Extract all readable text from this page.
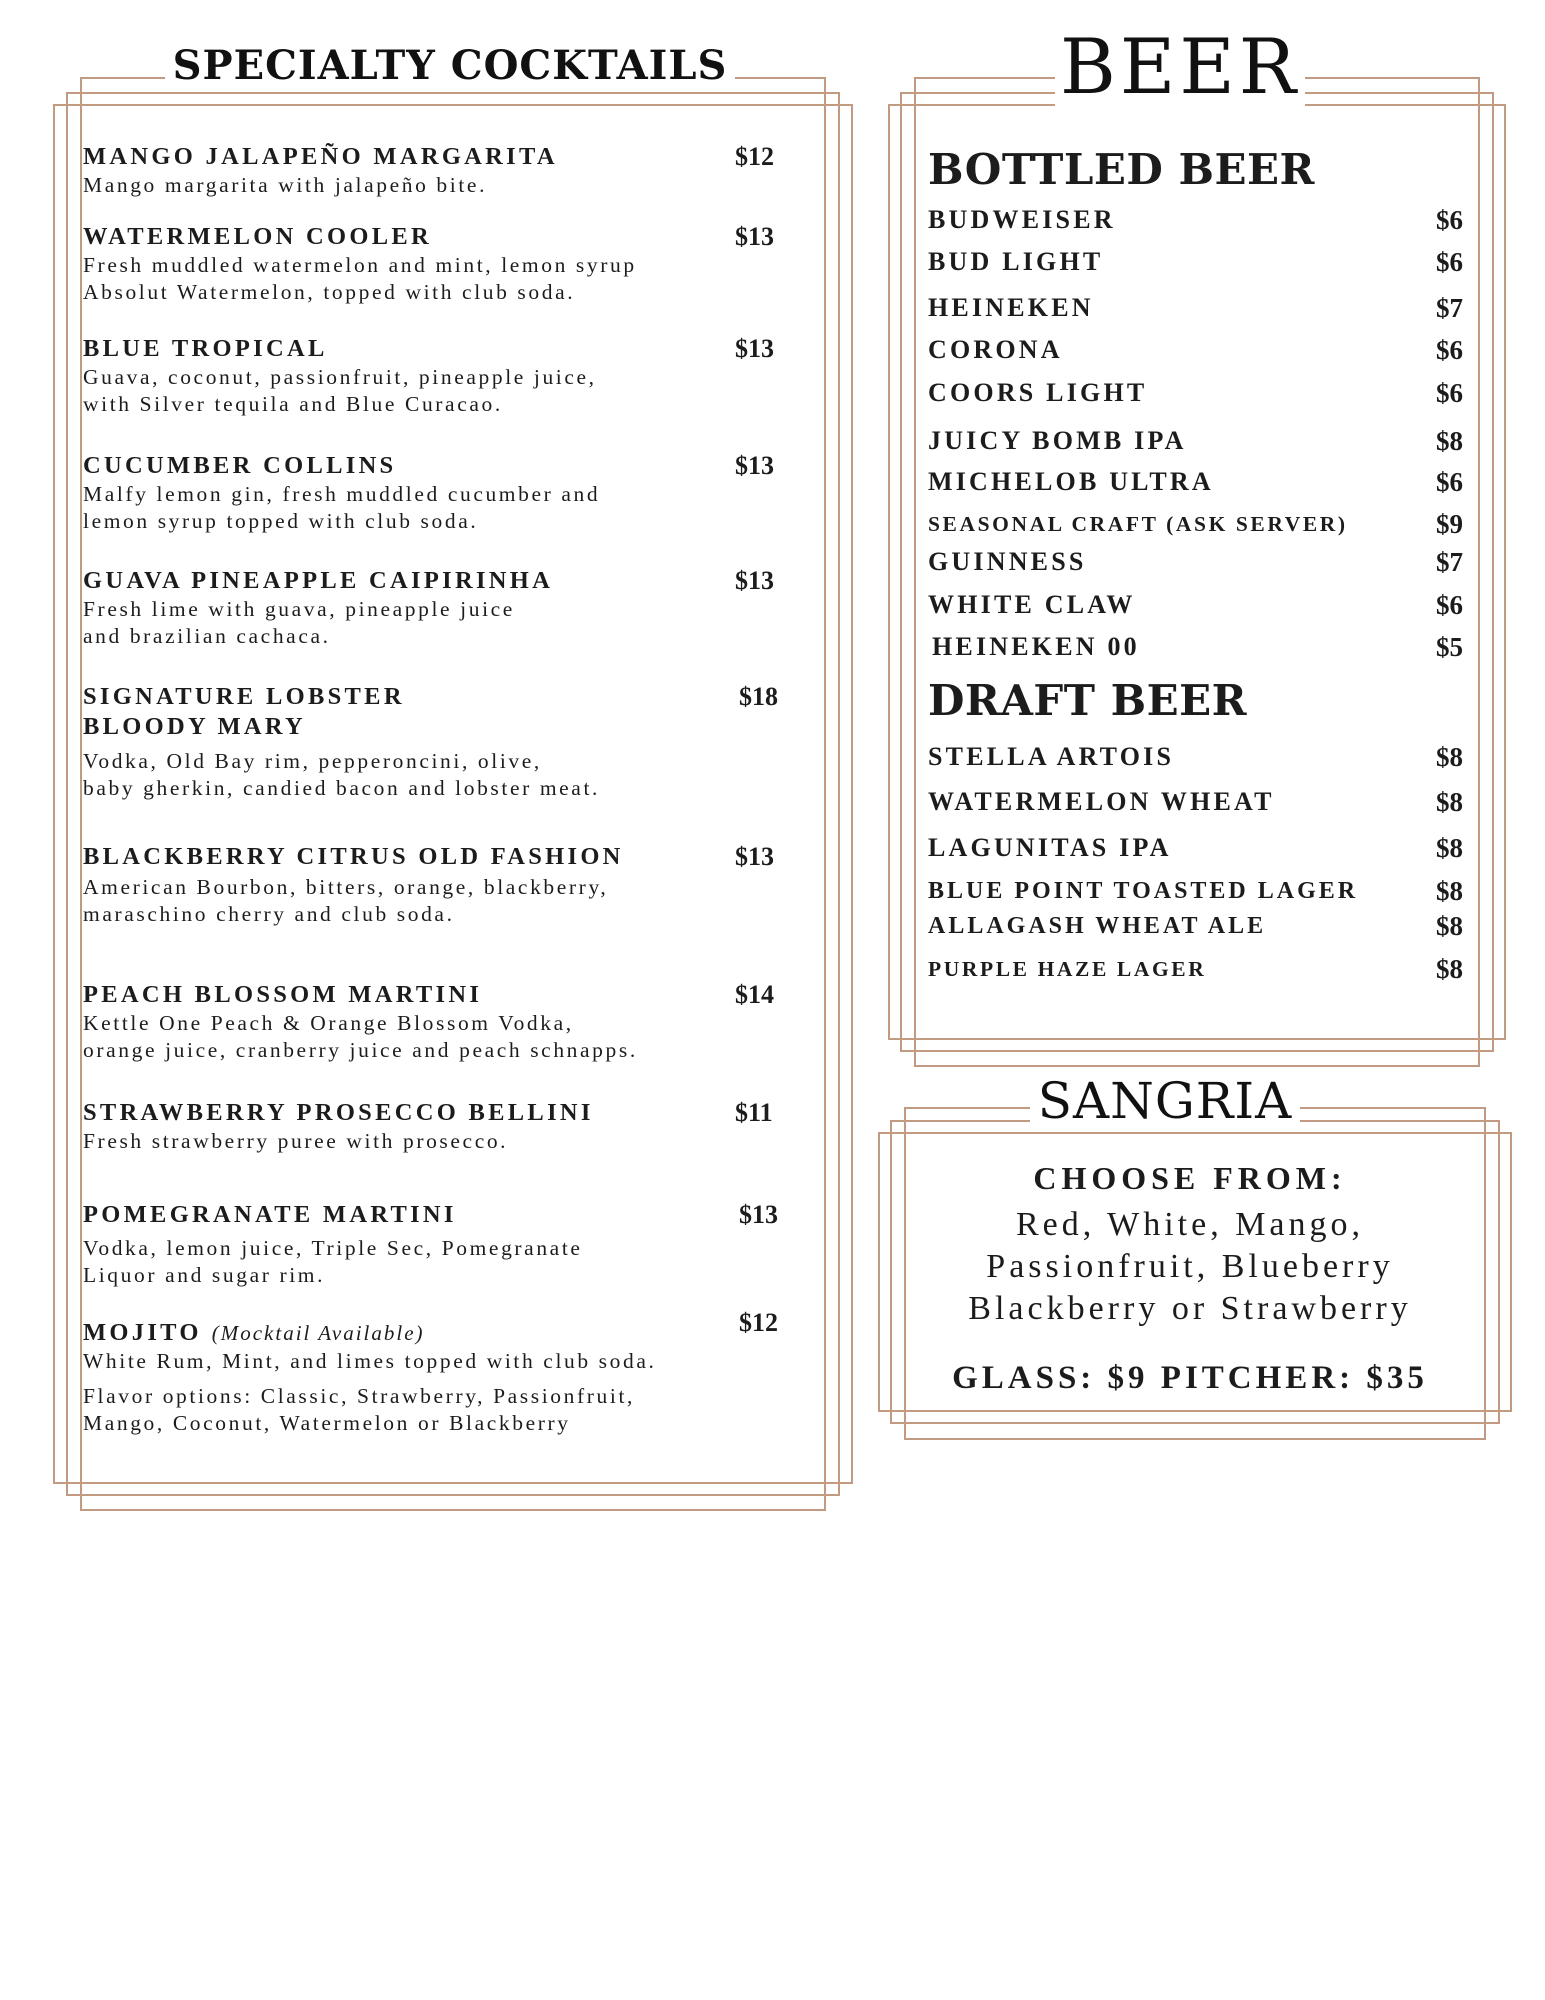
SPECIALTY COCKTAILS	BEER
SANGRIA
MANGO JALAPEÑO MARGARITA	$12
Mango margarita with jalapeño bite.
WATERMELON COOLER	$13
Fresh muddled watermelon and mint, lemon syrup
Absolut Watermelon, topped with club soda.
BLUE TROPICAL	$13
Guava, coconut, passionfruit, pineapple juice,
with Silver tequila and Blue Curacao.
CUCUMBER COLLINS	$13
Malfy lemon gin, fresh muddled cucumber and
lemon syrup topped with club soda.
GUAVA PINEAPPLE CAIPIRINHA	$13
Fresh lime with guava, pineapple juice
and brazilian cachaca.
SIGNATURE LOBSTER
BLOODY MARY
$18
Vodka, Old Bay rim, pepperoncini, olive,
baby gherkin, candied bacon and lobster meat.
BLACKBERRY CITRUS OLD FASHION	$13
American Bourbon, bitters, orange, blackberry,
maraschino cherry and club soda.
PEACH BLOSSOM MARTINI	$14
Kettle One Peach & Orange Blossom Vodka,
orange juice, cranberry juice and peach schnapps.
STRAWBERRY PROSECCO BELLINI	$11
Fresh strawberry puree with prosecco.
POMEGRANATE MARTINI	$13
Vodka, lemon juice, Triple Sec, Pomegranate
Liquor and sugar rim.
MOJITO (Mocktail Available)	$12
White Rum, Mint, and limes topped with club soda.
Flavor options: Classic, Strawberry, Passionfruit,
Mango, Coconut, Watermelon or Blackberry
BOTTLED BEER
BUDWEISER	$6
BUD LIGHT	$6
HEINEKEN	$7
CORONA	$6
COORS LIGHT	$6
JUICY BOMB IPA	$8
MICHELOB ULTRA	$6
SEASONAL CRAFT (ASK SERVER)	$9
GUINNESS	$7
WHITE CLAW	$6
HEINEKEN 00	$5
DRAFT BEER
STELLA ARTOIS	$8
WATERMELON WHEAT	$8
LAGUNITAS IPA	$8
BLUE POINT TOASTED LAGER	$8
ALLAGASH WHEAT ALE	$8
PURPLE HAZE LAGER	$8
CHOOSE FROM:
Red, White, Mango,
Passionfruit, Blueberry
Blackberry or Strawberry
GLASS: $9 PITCHER: $35
